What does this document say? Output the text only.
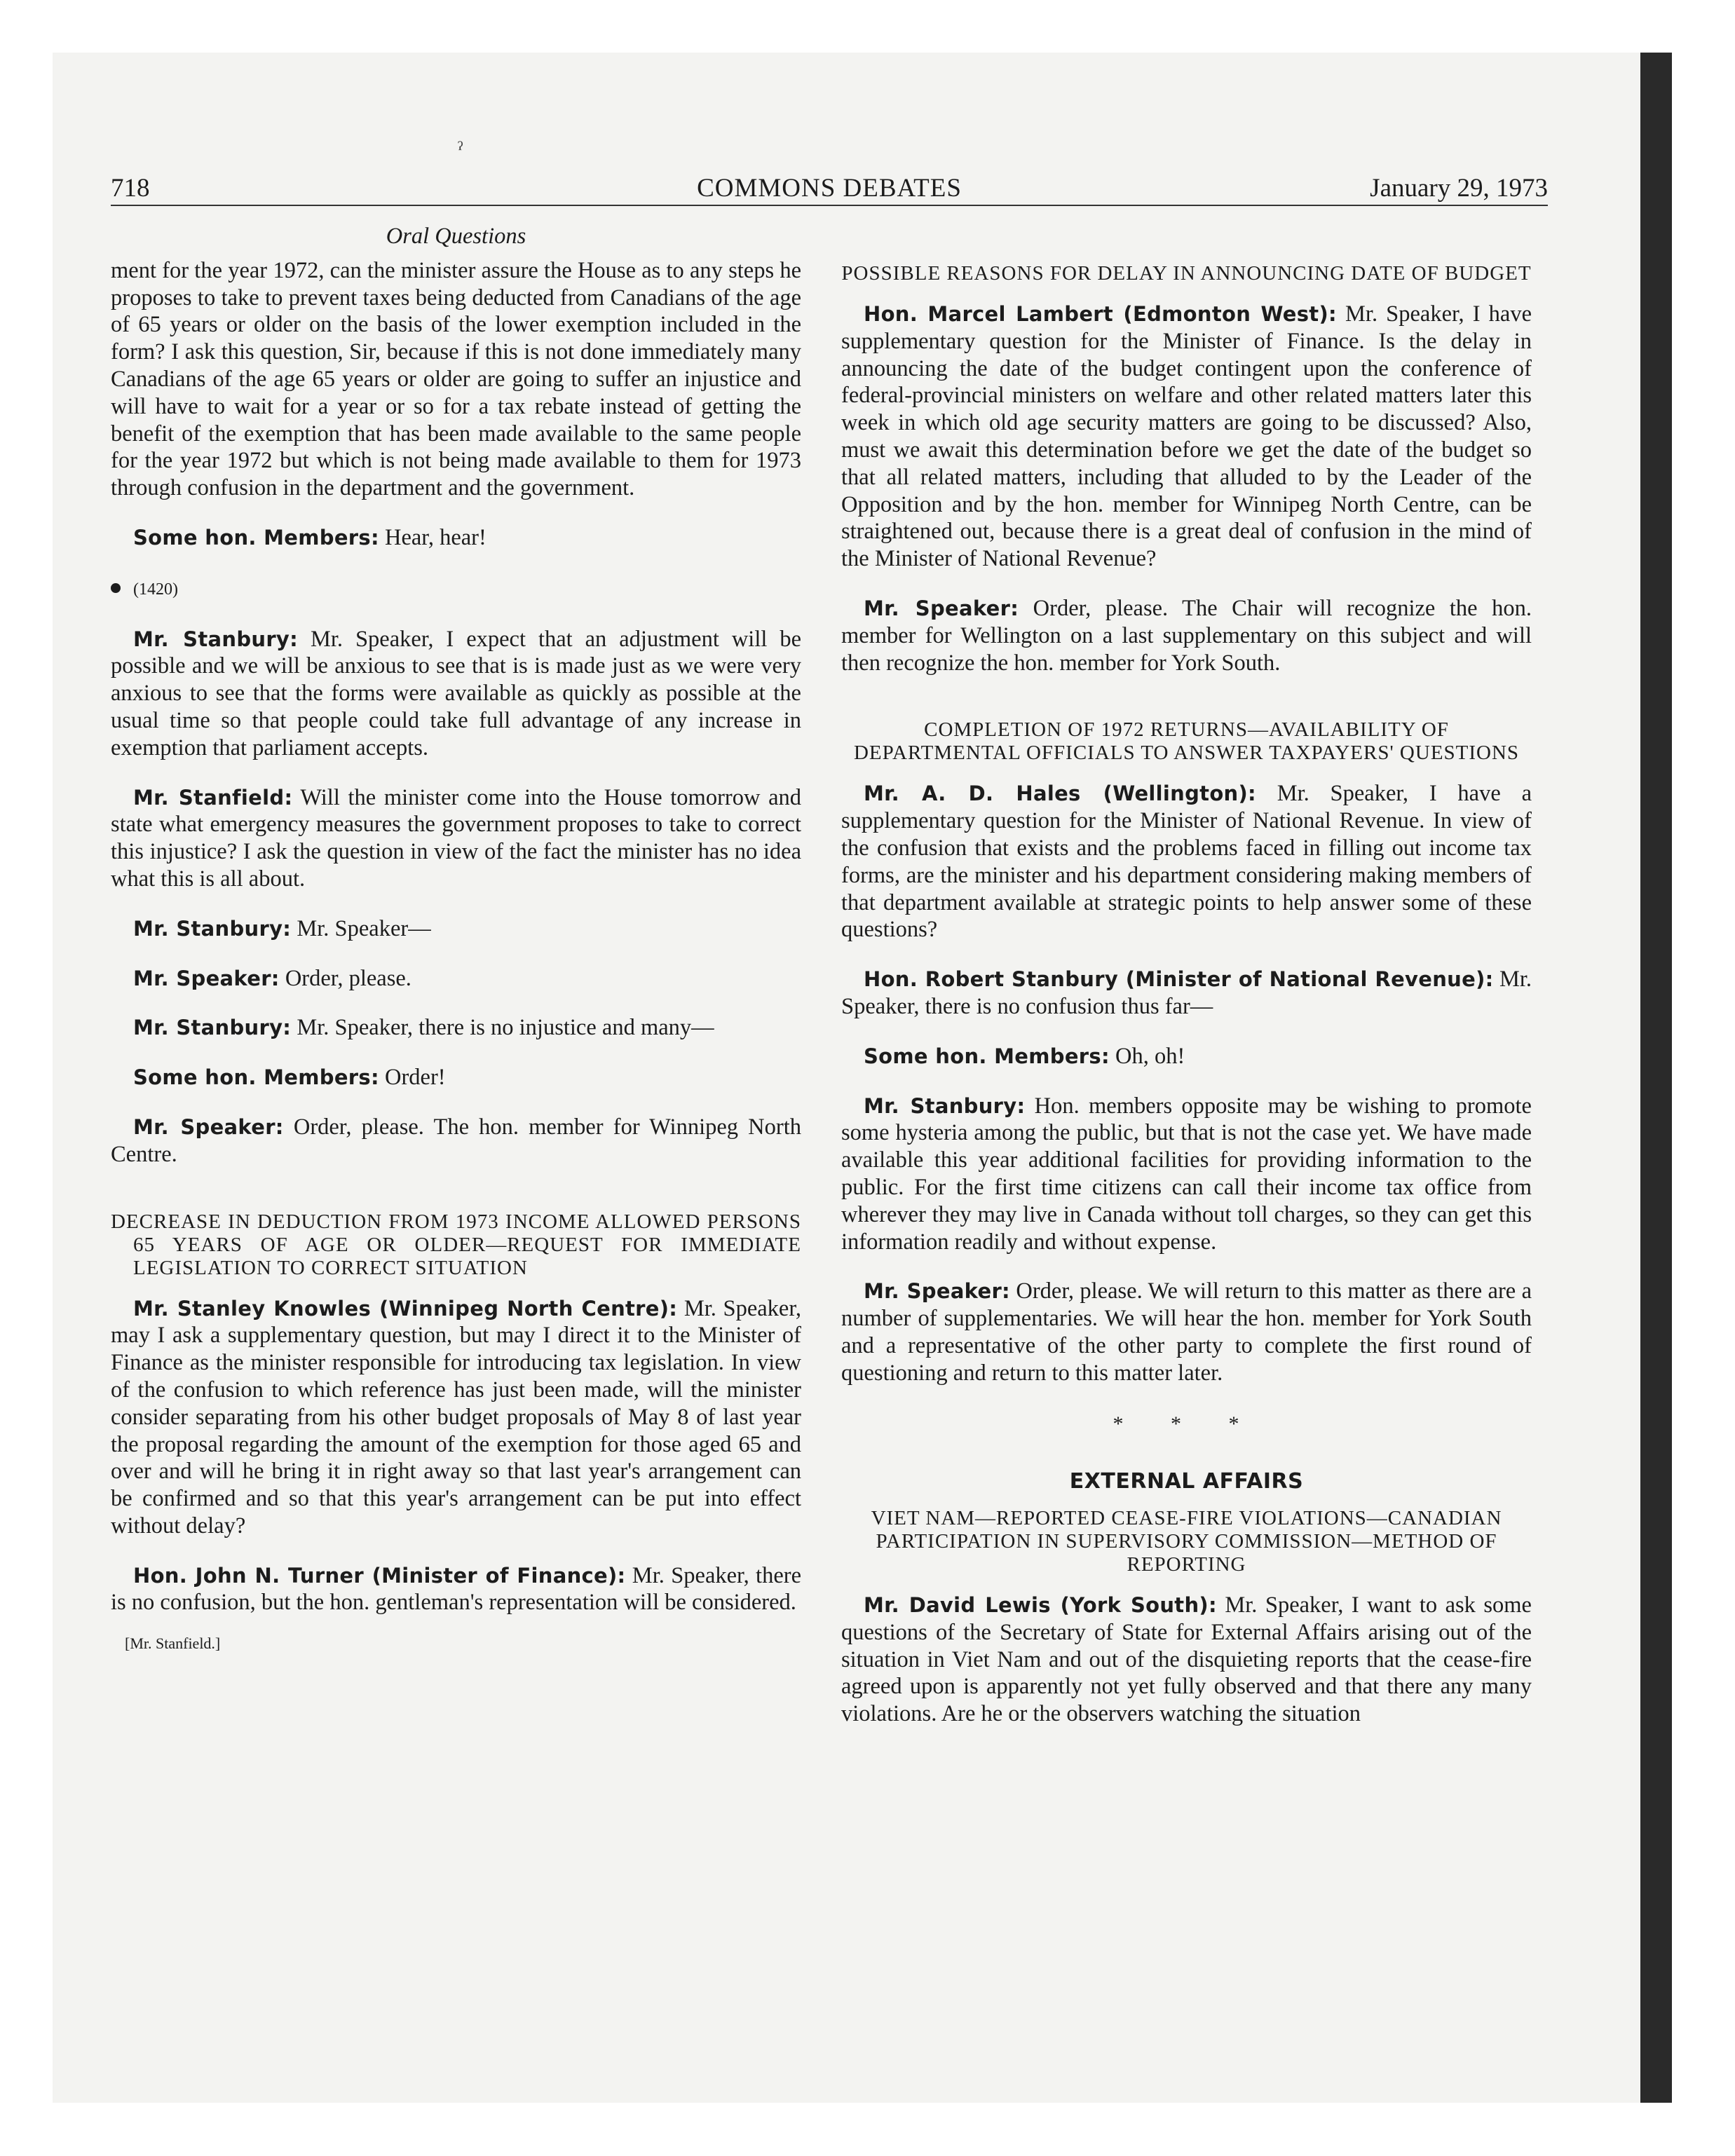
ˀ
718	COMMONS DEBATES	January 29, 1973
Oral Questions

ment for the year 1972, can the minister assure the House as to any steps he proposes to take to prevent taxes being deducted from Canadians of the age of 65 years or older on the basis of the lower exemption included in the form? I ask this question, Sir, because if this is not done immediately many Canadians of the age 65 years or older are going to suffer an injustice and will have to wait for a year or so for a tax rebate instead of getting the benefit of the exemption that has been made available to the same people for the year 1972 but which is not being made available to them for 1973 through confusion in the department and the government.

Some hon. Members: Hear, hear!

(1420)

Mr. Stanbury: Mr. Speaker, I expect that an adjustment will be possible and we will be anxious to see that is is made just as we were very anxious to see that the forms were available as quickly as possible at the usual time so that people could take full advantage of any increase in exemption that parliament accepts.

Mr. Stanfield: Will the minister come into the House tomorrow and state what emergency measures the government proposes to take to correct this injustice? I ask the question in view of the fact the minister has no idea what this is all about.

Mr. Stanbury: Mr. Speaker—

Mr. Speaker: Order, please.

Mr. Stanbury: Mr. Speaker, there is no injustice and many—

Some hon. Members: Order!

Mr. Speaker: Order, please. The hon. member for Winnipeg North Centre.

DECREASE IN DEDUCTION FROM 1973 INCOME ALLOWED PERSONS 65 YEARS OF AGE OR OLDER—REQUEST FOR IMMEDIATE LEGISLATION TO CORRECT SITUATION

Mr. Stanley Knowles (Winnipeg North Centre): Mr. Speaker, may I ask a supplementary question, but may I direct it to the Minister of Finance as the minister responsible for introducing tax legislation. In view of the confusion to which reference has just been made, will the minister consider separating from his other budget proposals of May 8 of last year the proposal regarding the amount of the exemption for those aged 65 and over and will he bring it in right away so that last year's arrangement can be confirmed and so that this year's arrangement can be put into effect without delay?

Hon. John N. Turner (Minister of Finance): Mr. Speaker, there is no confusion, but the hon. gentleman's representation will be considered.

[Mr. Stanfield.]

POSSIBLE REASONS FOR DELAY IN ANNOUNCING DATE OF BUDGET

Hon. Marcel Lambert (Edmonton West): Mr. Speaker, I have supplementary question for the Minister of Finance. Is the delay in announcing the date of the budget contingent upon the conference of federal-provincial ministers on welfare and other related matters later this week in which old age security matters are going to be discussed? Also, must we await this determination before we get the date of the budget so that all related matters, including that alluded to by the Leader of the Opposition and by the hon. member for Winnipeg North Centre, can be straightened out, because there is a great deal of confusion in the mind of the Minister of National Revenue?

Mr. Speaker: Order, please. The Chair will recognize the hon. member for Wellington on a last supplementary on this subject and will then recognize the hon. member for York South.

COMPLETION OF 1972 RETURNS—AVAILABILITY OF DEPARTMENTAL OFFICIALS TO ANSWER TAXPAYERS' QUESTIONS

Mr. A. D. Hales (Wellington): Mr. Speaker, I have a supplementary question for the Minister of National Revenue. In view of the confusion that exists and the problems faced in filling out income tax forms, are the minister and his department considering making members of that department available at strategic points to help answer some of these questions?

Hon. Robert Stanbury (Minister of National Revenue): Mr. Speaker, there is no confusion thus far—

Some hon. Members: Oh, oh!

Mr. Stanbury: Hon. members opposite may be wishing to promote some hysteria among the public, but that is not the case yet. We have made available this year additional facilities for providing information to the public. For the first time citizens can call their income tax office from wherever they may live in Canada without toll charges, so they can get this information readily and without expense.

Mr. Speaker: Order, please. We will return to this matter as there are a number of supplementaries. We will hear the hon. member for York South and a representative of the other party to complete the first round of questioning and return to this matter later.

* * *

EXTERNAL AFFAIRS

VIET NAM—REPORTED CEASE-FIRE VIOLATIONS—CANADIAN PARTICIPATION IN SUPERVISORY COMMISSION—METHOD OF REPORTING

Mr. David Lewis (York South): Mr. Speaker, I want to ask some questions of the Secretary of State for External Affairs arising out of the situation in Viet Nam and out of the disquieting reports that the cease-fire agreed upon is apparently not yet fully observed and that there any many violations. Are he or the observers watching the situation
